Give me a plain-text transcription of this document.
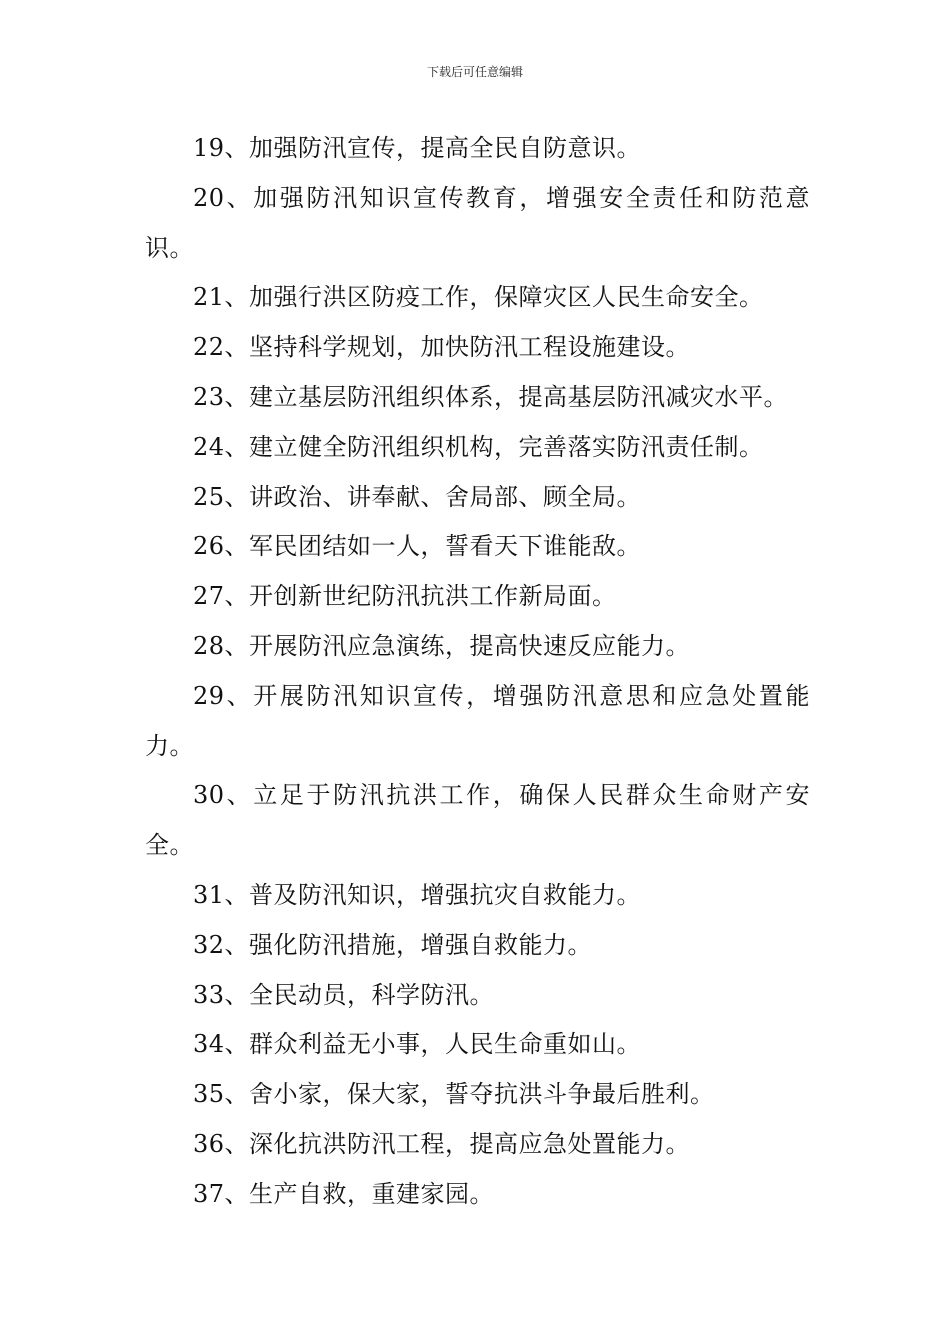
下载后可任意编辑

19、加强防汛宣传，提高全民自防意识。

20、加强防汛知识宣传教育，增强安全责任和防范意识。

21、加强行洪区防疫工作，保障灾区人民生命安全。

22、坚持科学规划，加快防汛工程设施建设。

23、建立基层防汛组织体系，提高基层防汛减灾水平。

24、建立健全防汛组织机构，完善落实防汛责任制。

25、讲政治、讲奉献、舍局部、顾全局。

26、军民团结如一人，誓看天下谁能敌。

27、开创新世纪防汛抗洪工作新局面。

28、开展防汛应急演练，提高快速反应能力。

29、开展防汛知识宣传，增强防汛意思和应急处置能力。

30、立足于防汛抗洪工作，确保人民群众生命财产安全。

31、普及防汛知识，增强抗灾自救能力。

32、强化防汛措施，增强自救能力。

33、全民动员，科学防汛。

34、群众利益无小事，人民生命重如山。

35、舍小家，保大家，誓夺抗洪斗争最后胜利。

36、深化抗洪防汛工程，提高应急处置能力。

37、生产自救，重建家园。
